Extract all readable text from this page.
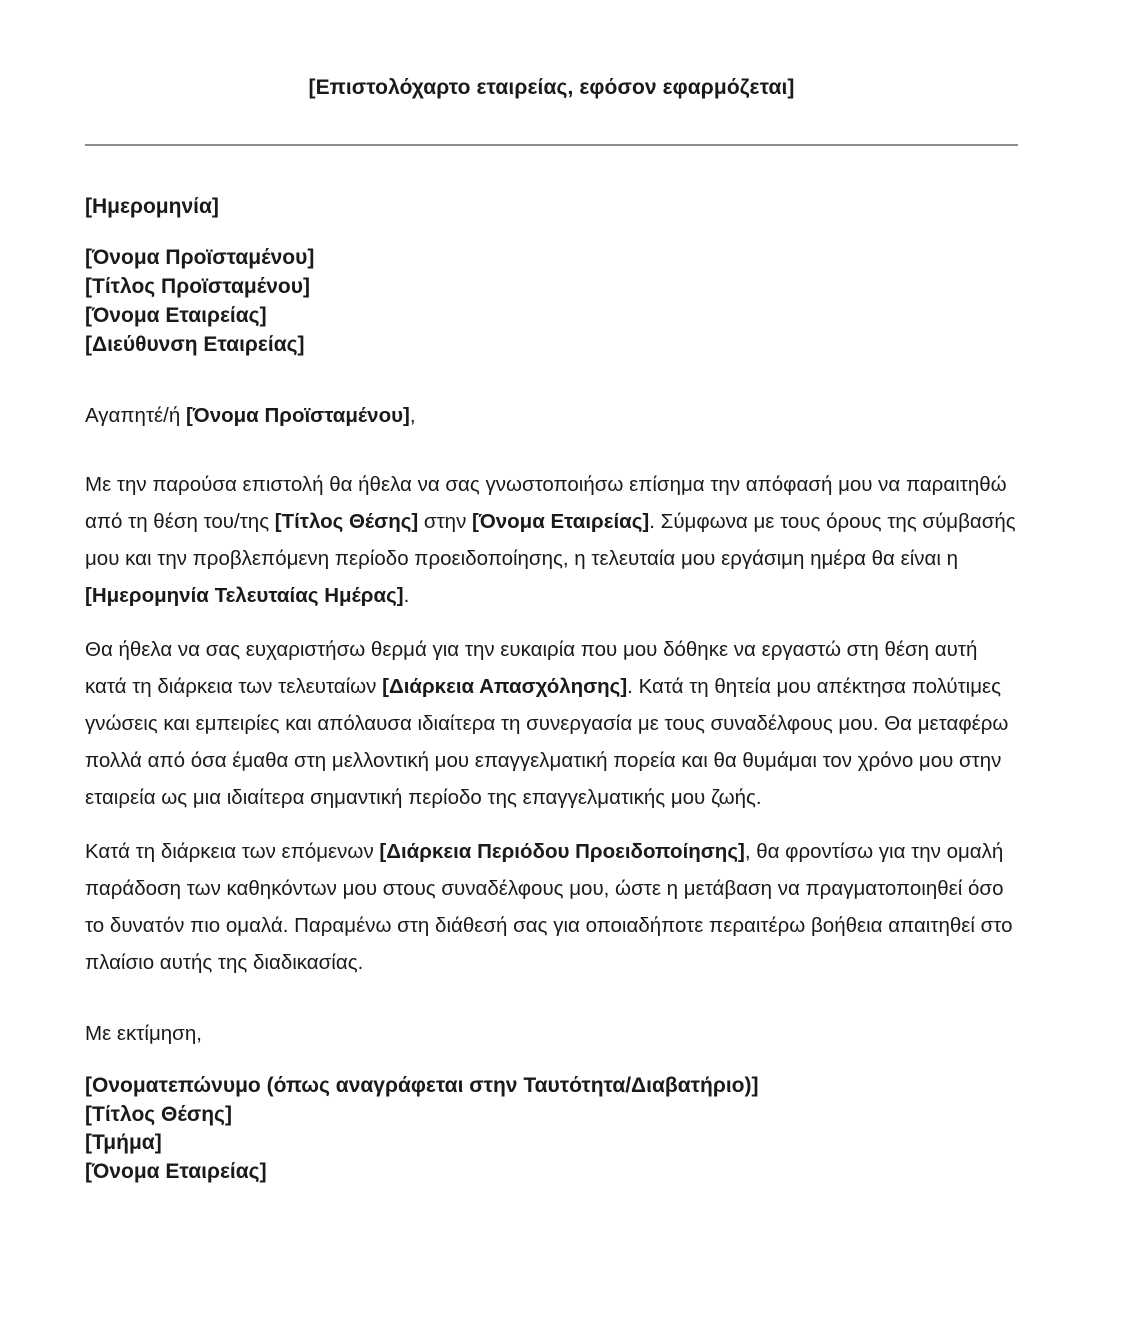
[Επιστολόχαρτο εταιρείας, εφόσον εφαρμόζεται]

[Ημερομηνία]

[Όνομα Προϊσταμένου]

[Τίτλος Προϊσταμένου]

[Όνομα Εταιρείας]

[Διεύθυνση Εταιρείας]

Αγαπητέ/ή [Όνομα Προϊσταμένου],

Με την παρούσα επιστολή θα ήθελα να σας γνωστοποιήσω επίσημα την απόφασή μου να παραιτηθώ από τη θέση του/της [Τίτλος Θέσης] στην [Όνομα Εταιρείας]. Σύμφωνα με τους όρους της σύμβασής μου και την προβλεπόμενη περίοδο προειδοποίησης, η τελευταία μου εργάσιμη ημέρα θα είναι η [Ημερομηνία Τελευταίας Ημέρας].

Θα ήθελα να σας ευχαριστήσω θερμά για την ευκαιρία που μου δόθηκε να εργαστώ στη θέση αυτή κατά τη διάρκεια των τελευταίων [Διάρκεια Απασχόλησης]. Κατά τη θητεία μου απέκτησα πολύτιμες γνώσεις και εμπειρίες και απόλαυσα ιδιαίτερα τη συνεργασία με τους συναδέλφους μου. Θα μεταφέρω πολλά από όσα έμαθα στη μελλοντική μου επαγγελματική πορεία και θα θυμάμαι τον χρόνο μου στην εταιρεία ως μια ιδιαίτερα σημαντική περίοδο της επαγγελματικής μου ζωής.

Κατά τη διάρκεια των επόμενων [Διάρκεια Περιόδου Προειδοποίησης], θα φροντίσω για την ομαλή παράδοση των καθηκόντων μου στους συναδέλφους μου, ώστε η μετάβαση να πραγματοποιηθεί όσο το δυνατόν πιο ομαλά. Παραμένω στη διάθεσή σας για οποιαδήποτε περαιτέρω βοήθεια απαιτηθεί στο πλαίσιο αυτής της διαδικασίας.

Με εκτίμηση,

[Ονοματεπώνυμο (όπως αναγράφεται στην Ταυτότητα/Διαβατήριο)]

[Τίτλος Θέσης]

[Τμήμα]

[Όνομα Εταιρείας]
